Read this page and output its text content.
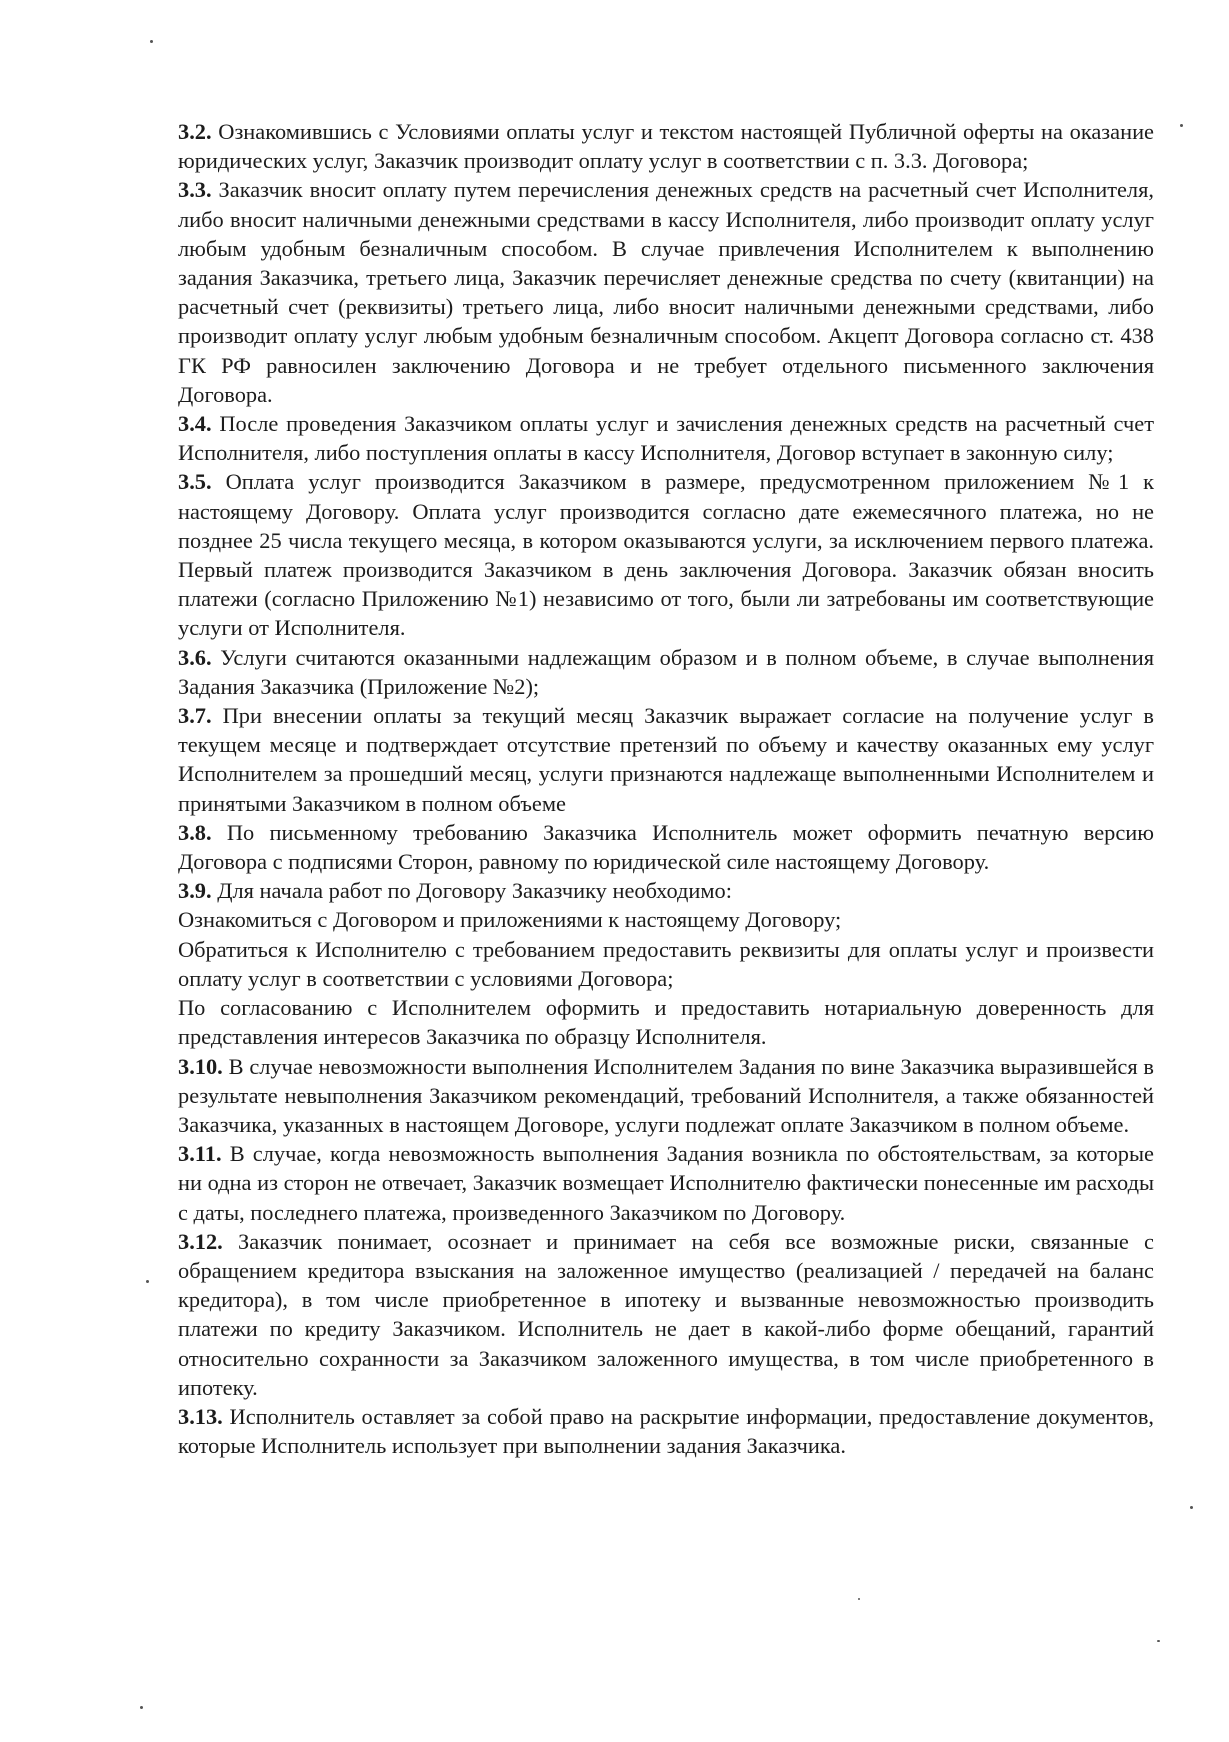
3.2. Ознакомившись с Условиями оплаты услуг и текстом настоящей Публичной оферты на оказание юридических услуг, Заказчик производит оплату услуг в соответствии с п. 3.3. Договора;

3.3. Заказчик вносит оплату путем перечисления денежных средств на расчетный счет Исполнителя, либо вносит наличными денежными средствами в кассу Исполнителя, либо производит оплату услуг любым удобным безналичным способом. В случае привлечения Исполнителем к выполнению задания Заказчика, третьего лица, Заказчик перечисляет денежные средства по счету (квитанции) на расчетный счет (реквизиты) третьего лица, либо вносит наличными денежными средствами, либо производит оплату услуг любым удобным безналичным способом. Акцепт Договора согласно ст. 438 ГК РФ равносилен заключению Договора и не требует отдельного письменного заключения Договора.

3.4. После проведения Заказчиком оплаты услуг и зачисления денежных средств на расчетный счет Исполнителя, либо поступления оплаты в кассу Исполнителя, Договор вступает в законную силу;

3.5. Оплата услуг производится Заказчиком в размере, предусмотренном приложением №1 к настоящему Договору. Оплата услуг производится согласно дате ежемесячного платежа, но не позднее 25 числа текущего месяца, в котором оказываются услуги, за исключением первого платежа. Первый платеж производится Заказчиком в день заключения Договора. Заказчик обязан вносить платежи (согласно Приложению №1) независимо от того, были ли затребованы им соответствующие услуги от Исполнителя.

3.6. Услуги считаются оказанными надлежащим образом и в полном объеме, в случае выполнения Задания Заказчика (Приложение №2);

3.7. При внесении оплаты за текущий месяц Заказчик выражает согласие на получение услуг в текущем месяце и подтверждает отсутствие претензий по объему и качеству оказанных ему услуг Исполнителем за прошедший месяц, услуги признаются надлежаще выполненными Исполнителем и принятыми Заказчиком в полном объеме

3.8. По письменному требованию Заказчика Исполнитель может оформить печатную версию Договора с подписями Сторон, равному по юридической силе настоящему Договору.

3.9. Для начала работ по Договору Заказчику необходимо:

Ознакомиться с Договором и приложениями к настоящему Договору;

Обратиться к Исполнителю с требованием предоставить реквизиты для оплаты услуг и произвести оплату услуг в соответствии с условиями Договора;

По согласованию с Исполнителем оформить и предоставить нотариальную доверенность для представления интересов Заказчика по образцу Исполнителя.

3.10. В случае невозможности выполнения Исполнителем Задания по вине Заказчика выразившейся в результате невыполнения Заказчиком рекомендаций, требований Исполнителя, а также обязанностей Заказчика, указанных в настоящем Договоре, услуги подлежат оплате Заказчиком в полном объеме.

3.11. В случае, когда невозможность выполнения Задания возникла по обстоятельствам, за которые ни одна из сторон не отвечает, Заказчик возмещает Исполнителю фактически понесенные им расходы с даты, последнего платежа, произведенного Заказчиком по Договору.

3.12. Заказчик понимает, осознает и принимает на себя все возможные риски, связанные с обращением кредитора взыскания на заложенное имущество (реализацией / передачей на баланс кредитора), в том числе приобретенное в ипотеку и вызванные невозможностью производить платежи по кредиту Заказчиком. Исполнитель не дает в какой-либо форме обещаний, гарантий относительно сохранности за Заказчиком заложенного имущества, в том числе приобретенного в ипотеку.

3.13. Исполнитель оставляет за собой право на раскрытие информации, предоставление документов, которые Исполнитель использует при выполнении задания Заказчика.
